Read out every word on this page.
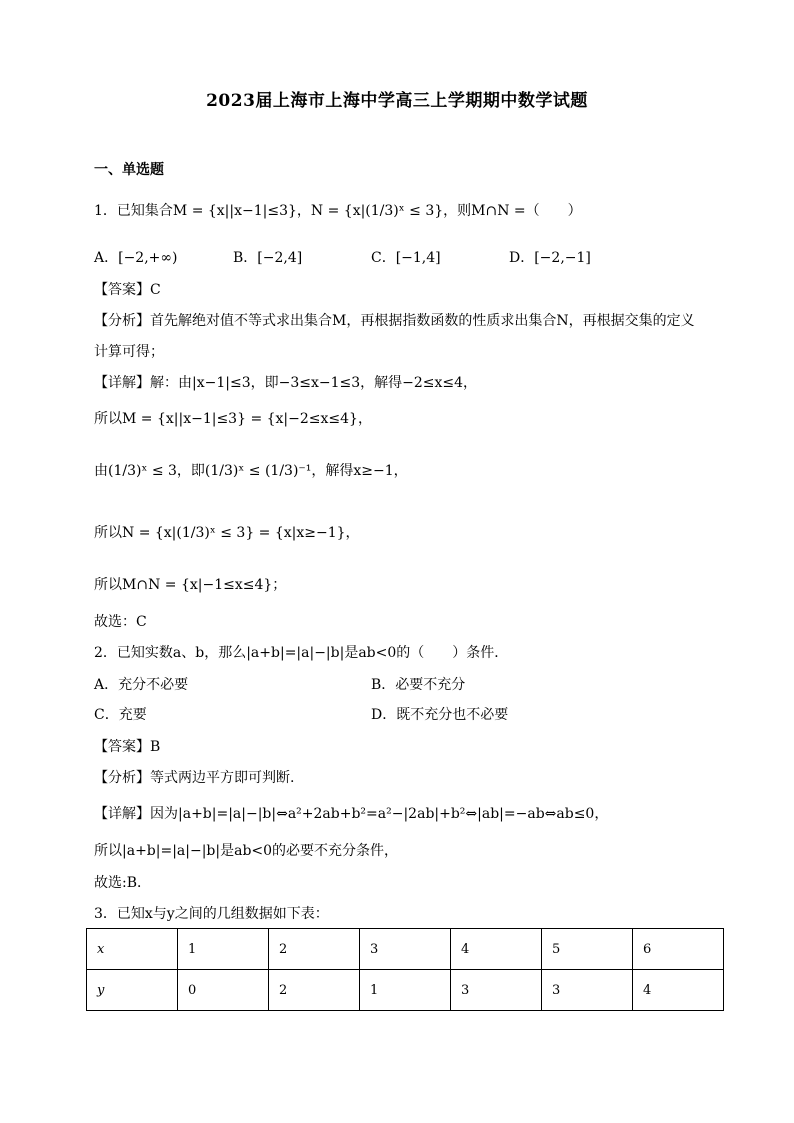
2023届上海市上海中学高三上学期期中数学试题
一、单选题
1．已知集合M = {x||x−1|≤3}，N = {x|(1/3)ˣ ≤ 3}，则M∩N =（　　）
A．[−2,+∞)	B．[−2,4]	C．[−1,4]	D．[−2,−1]
【答案】C
【分析】首先解绝对值不等式求出集合M，再根据指数函数的性质求出集合N，再根据交集的定义
计算可得；
【详解】解：由|x−1|≤3，即−3≤x−1≤3，解得−2≤x≤4，
所以M = {x||x−1|≤3} = {x|−2≤x≤4}，
由(1/3)ˣ ≤ 3，即(1/3)ˣ ≤ (1/3)⁻¹，解得x≥−1，
所以N = {x|(1/3)ˣ ≤ 3} = {x|x≥−1}，
所以M∩N = {x|−1≤x≤4}；
故选：C
2．已知实数a、b，那么|a+b|=|a|−|b|是ab<0的（　　）条件．
A．充分不必要	B．必要不充分
C．充要	D．既不充分也不必要
【答案】B
【分析】等式两边平方即可判断.
【详解】因为|a+b|=|a|−|b|⇔a²+2ab+b²=a²−|2ab|+b²⇔|ab|=−ab⇔ab≤0，
所以|a+b|=|a|−|b|是ab<0的必要不充分条件，
故选:B．
3．已知x与y之间的几组数据如下表：
x	1	2	3	4	5	6
y	0	2	1	3	3	4
